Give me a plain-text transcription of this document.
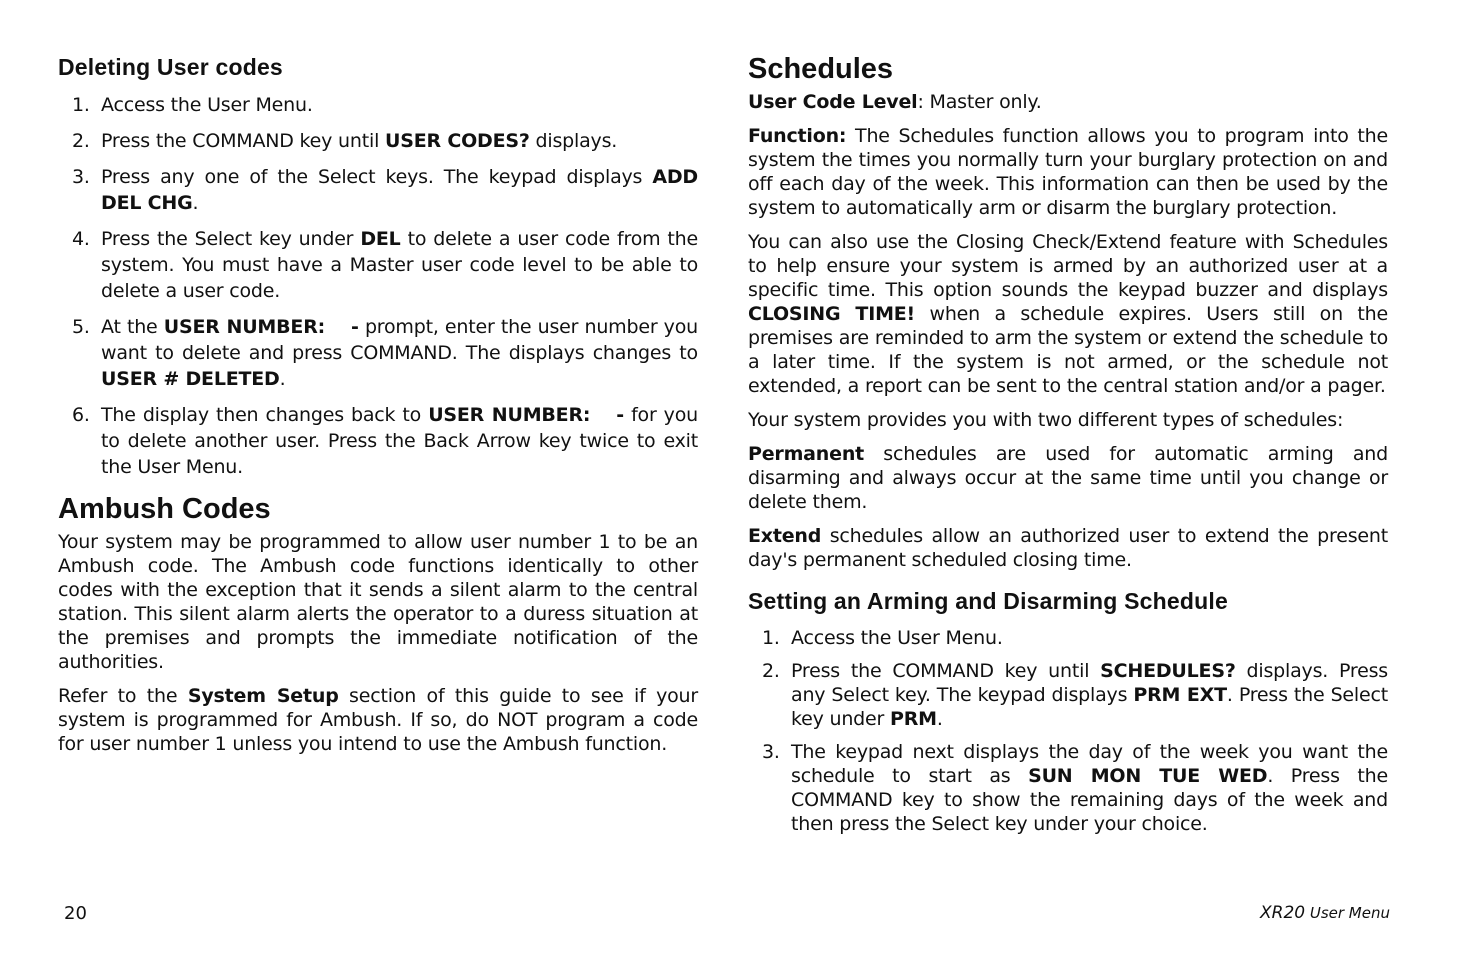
Deleting User codes
1. Access the User Menu.
2. Press the COMMAND key until USER CODES? displays.
3. Press any one of the Select keys. The keypad displays ADD DEL CHG.
4. Press the Select key under DEL to delete a user code from the system. You must have a Master user code level to be able to delete a user code.
5. At the USER NUMBER: - prompt, enter the user number you want to delete and press COMMAND. The displays changes to USER # DELETED.
6. The display then changes back to USER NUMBER: - for you to delete another user. Press the Back Arrow key twice to exit the User Menu.
Ambush Codes

Your system may be programmed to allow user number 1 to be an Ambush code. The Ambush code functions identically to other codes with the exception that it sends a silent alarm to the central station. This silent alarm alerts the operator to a duress situation at the premises and prompts the immediate notification of the authorities.

Refer to the System Setup section of this guide to see if your system is programmed for Ambush. If so, do NOT program a code for user number 1 unless you intend to use the Ambush function.

Schedules

User Code Level: Master only.

Function: The Schedules function allows you to program into the system the times you normally turn your burglary protection on and off each day of the week. This information can then be used by the system to automatically arm or disarm the burglary protection.

You can also use the Closing Check/Extend feature with Schedules to help ensure your system is armed by an authorized user at a specific time. This option sounds the keypad buzzer and displays CLOSING TIME! when a schedule expires. Users still on the premises are reminded to arm the system or extend the schedule to a later time. If the system is not armed, or the schedule not extended, a report can be sent to the central station and/or a pager.

Your system provides you with two different types of schedules:

Permanent schedules are used for automatic arming and disarming and always occur at the same time until you change or delete them.

Extend schedules allow an authorized user to extend the present day's permanent scheduled closing time.

Setting an Arming and Disarming Schedule
1. Access the User Menu.
2. Press the COMMAND key until SCHEDULES? displays. Press any Select key. The keypad displays PRM EXT. Press the Select key under PRM.
3. The keypad next displays the day of the week you want the schedule to start as SUN MON TUE WED. Press the COMMAND key to show the remaining days of the week and then press the Select key under your choice.
20	XR20 User Menu
